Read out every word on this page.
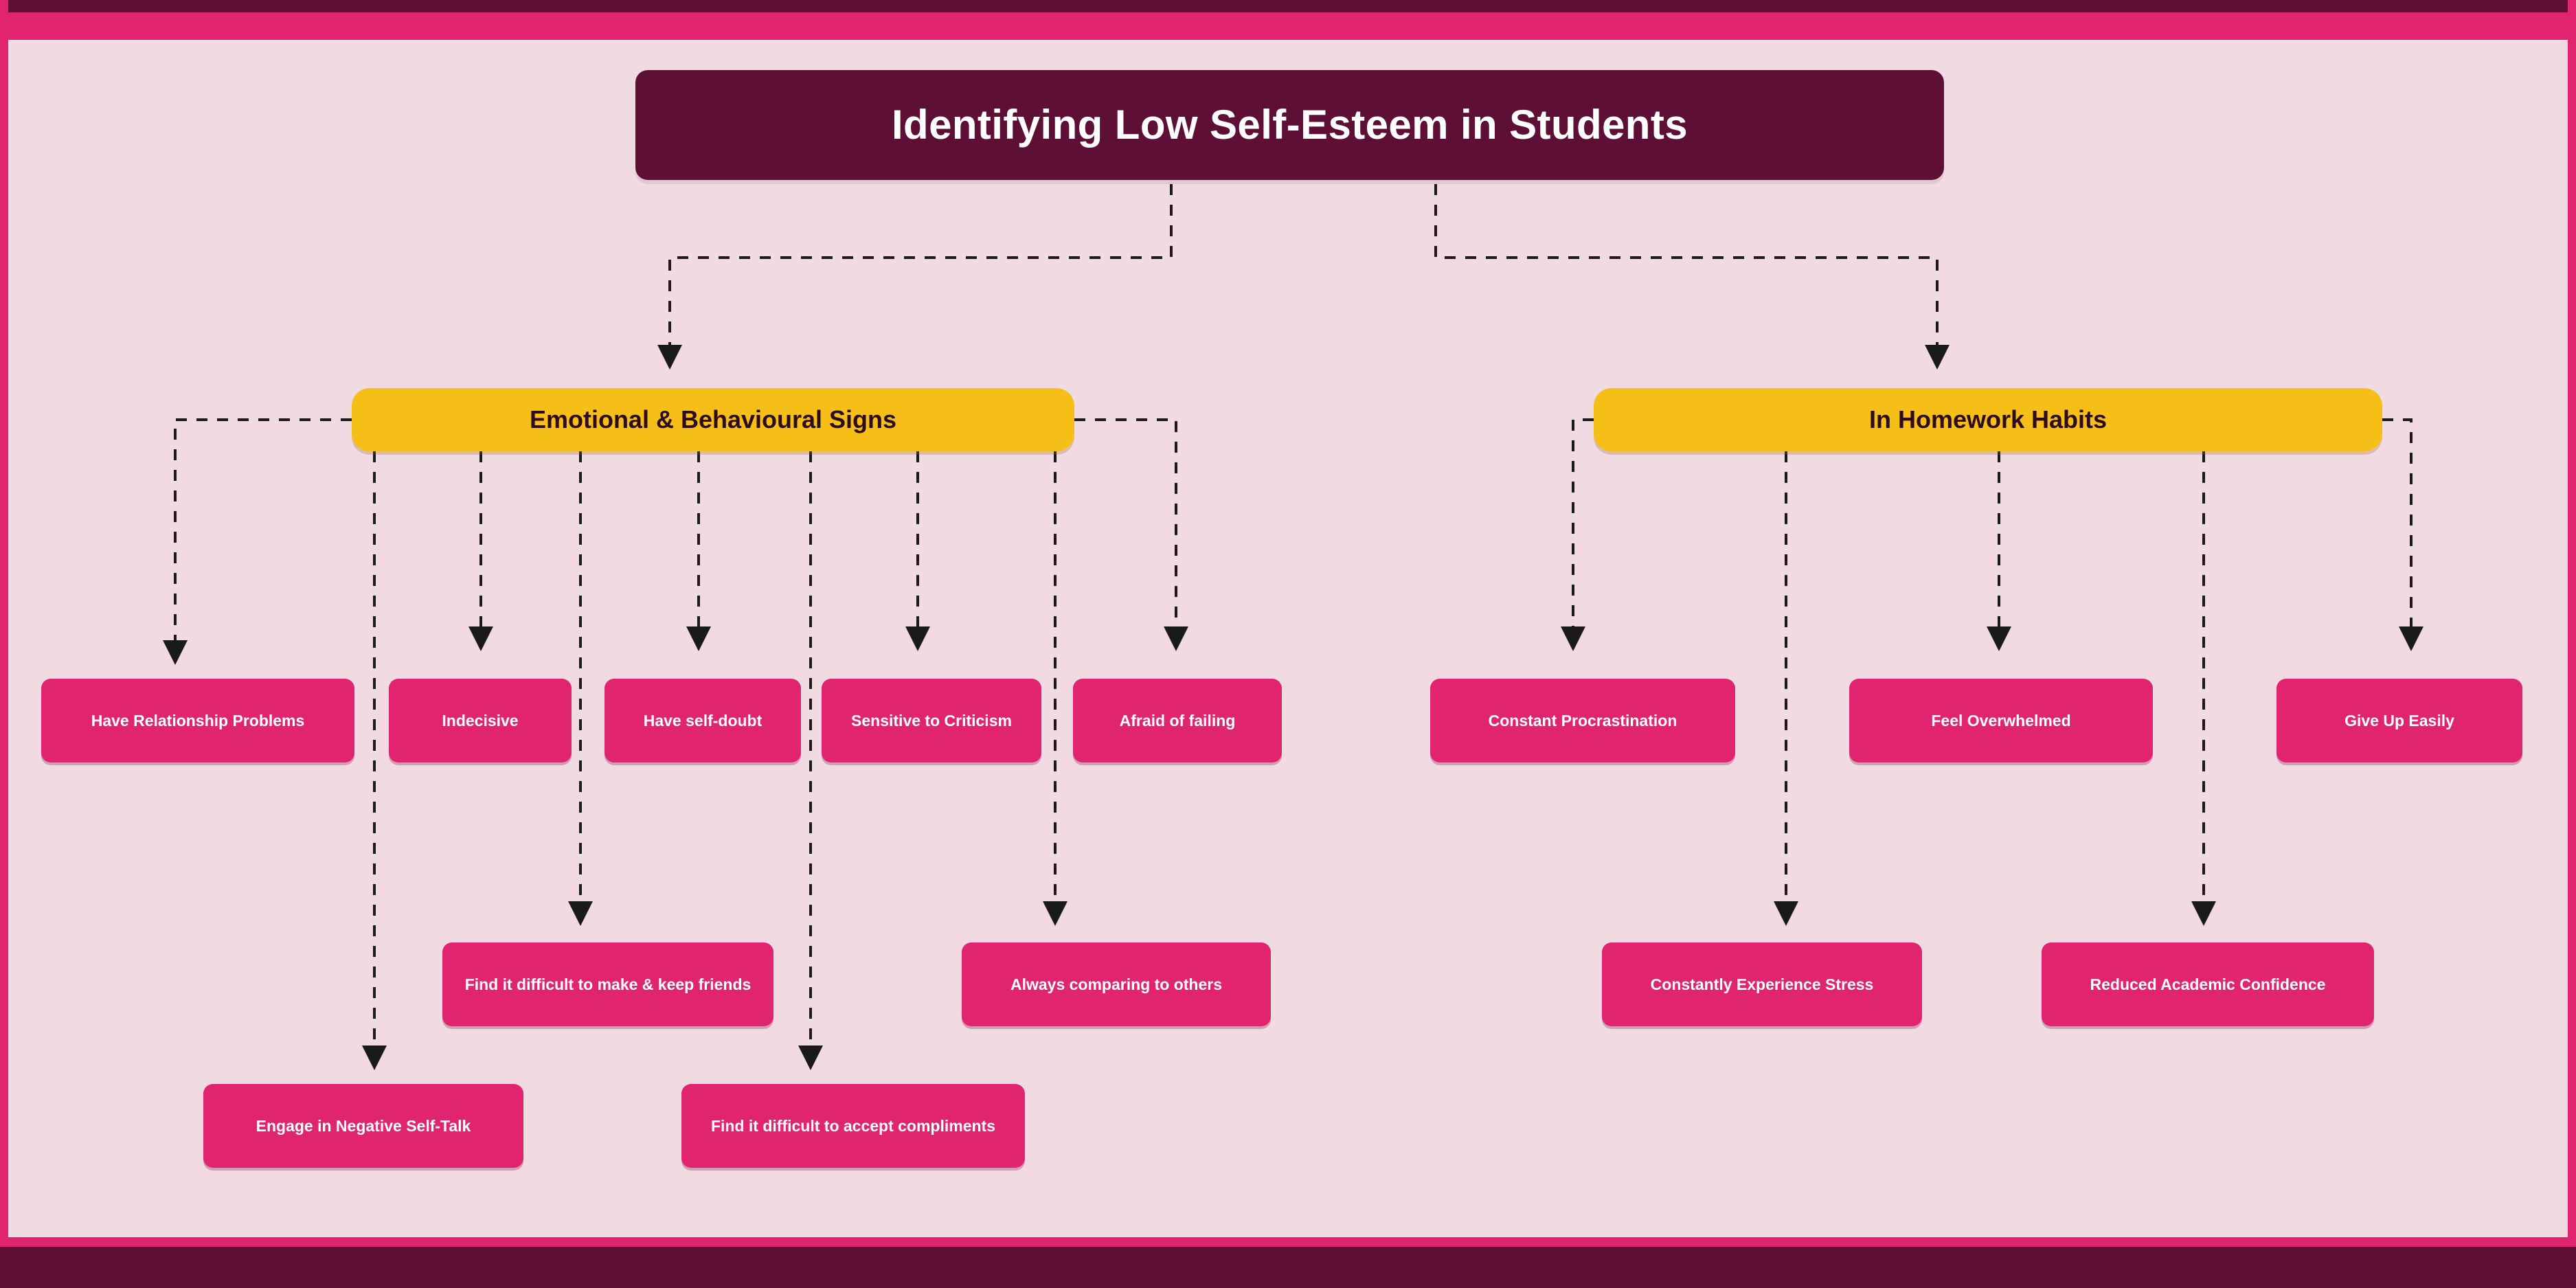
Identifying Low Self-Esteem in Students
Emotional & Behavioural Signs	In Homework Habits
Have Relationship Problems	Indecisive	Have self-doubt	Sensitive to Criticism	Afraid of failing	Constant Procrastination	Feel Overwhelmed	Give Up Easily
Find it difficult to make & keep friends	Always comparing to others	Constantly Experience Stress	Reduced Academic Confidence
Engage in Negative Self-Talk	Find it difficult to accept compliments
